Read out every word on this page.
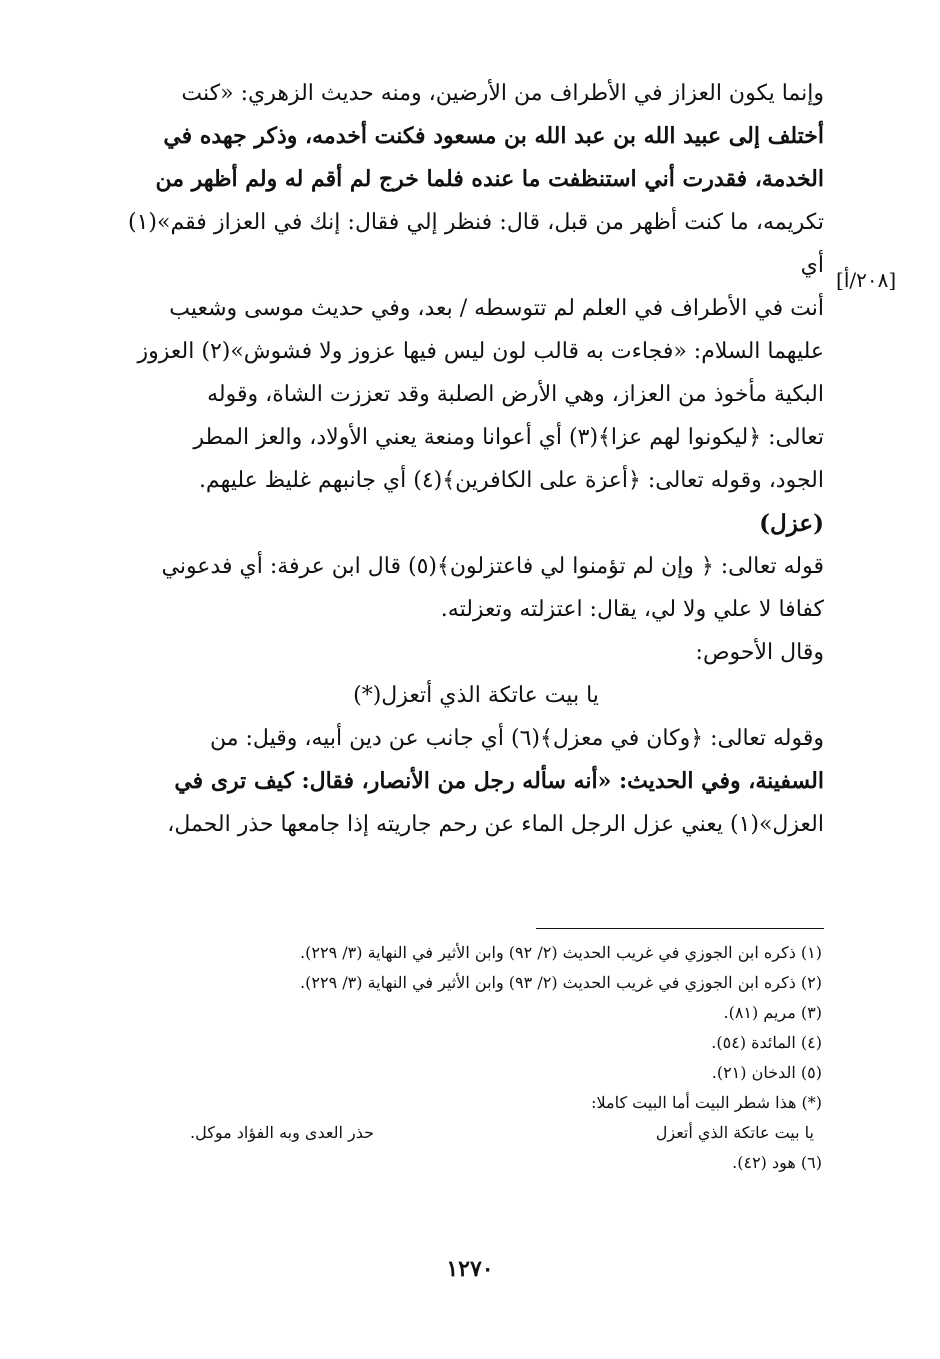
[٢٠٨/أ]

وإنما يكون العزاز في الأطراف من الأرضين، ومنه حديث الزهري: «كنت

أختلف إلى عبيد الله بن عبد الله بن مسعود فكنت أخدمه، وذكر جهده في

الخدمة، فقدرت أني استنظفت ما عنده فلما خرج لم أقم له ولم أظهر من

تكريمه، ما كنت أظهر من قبل، قال: فنظر إلي فقال: إنك في العزاز فقم»(١) أي

أنت في الأطراف في العلم لم تتوسطه / بعد، وفي حديث موسى وشعيب

عليهما السلام: «فجاءت به قالب لون ليس فيها عزوز ولا فشوش»(٢) العزوز

البكية مأخوذ من العزاز، وهي الأرض الصلبة وقد تعززت الشاة، وقوله

تعالى: ﴿ليكونوا لهم عزا﴾(٣) أي أعوانا ومنعة يعني الأولاد، والعز المطر

الجود، وقوله تعالى: ﴿أعزة على الكافرين﴾(٤) أي جانبهم غليظ عليهم.

(عزل)

قوله تعالى: ﴿ وإن لم تؤمنوا لي فاعتزلون﴾(٥) قال ابن عرفة: أي فدعوني

كفافا لا علي ولا لي، يقال: اعتزلته وتعزلته.

وقال الأحوص:

يا بيت عاتكة الذي أتعزل(*)

وقوله تعالى: ﴿وكان في معزل﴾(٦) أي جانب عن دين أبيه، وقيل: من

السفينة، وفي الحديث: «أنه سأله رجل من الأنصار، فقال: كيف ترى في

العزل»(١) يعني عزل الرجل الماء عن رحم جاريته إذا جامعها حذر الحمل،

(١) ذكره ابن الجوزي في غريب الحديث (٢/ ٩٢) وابن الأثير في النهاية (٣/ ٢٢٩).

(٢) ذكره ابن الجوزي في غريب الحديث (٢/ ٩٣) وابن الأثير في النهاية (٣/ ٢٢٩).

(٣) مريم (٨١).

(٤) المائدة (٥٤).

(٥) الدخان (٢١).

(*) هذا شطر البيت أما البيت كاملا:

يا بيت عاتكة الذي أتعزل
حذر العدى وبه الفؤاد موكل.

(٦) هود (٤٢).

١٢٧٠
